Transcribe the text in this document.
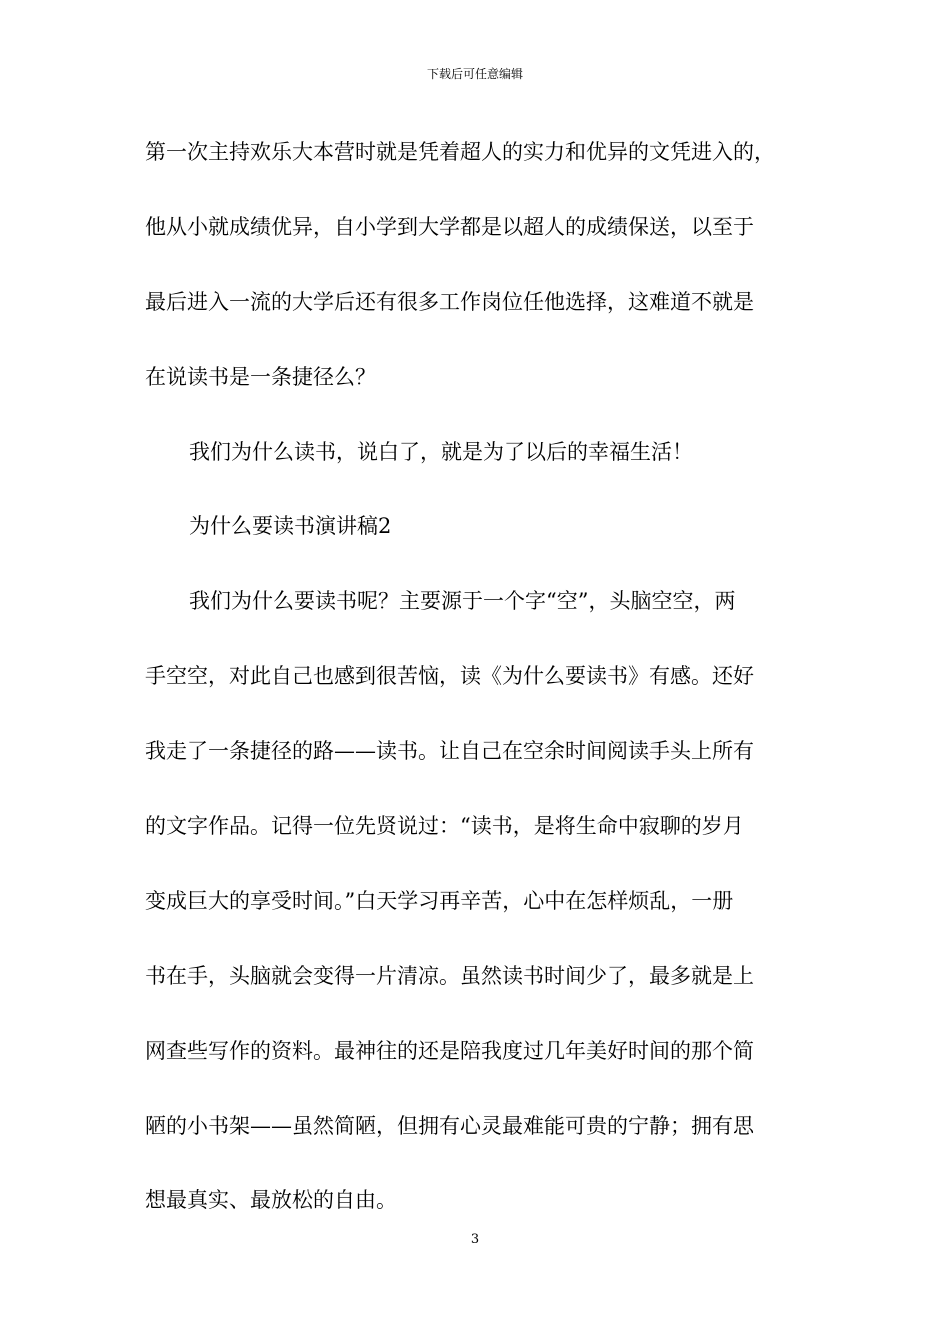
下载后可任意编辑
第一次主持欢乐大本营时就是凭着超人的实力和优异的文凭进入的，
他从小就成绩优异，自小学到大学都是以超人的成绩保送，以至于
最后进入一流的大学后还有很多工作岗位任他选择，这难道不就是
在说读书是一条捷径么？
我们为什么读书，说白了，就是为了以后的幸福生活！
为什么要读书演讲稿2
我们为什么要读书呢？主要源于一个字“空”，头脑空空，两
手空空，对此自己也感到很苦恼，读《为什么要读书》有感。还好
我走了一条捷径的路——读书。让自己在空余时间阅读手头上所有
的文字作品。记得一位先贤说过：“读书，是将生命中寂聊的岁月
变成巨大的享受时间。”白天学习再辛苦，心中在怎样烦乱，一册
书在手，头脑就会变得一片清凉。虽然读书时间少了，最多就是上
网查些写作的资料。最神往的还是陪我度过几年美好时间的那个简
陋的小书架——虽然简陋，但拥有心灵最难能可贵的宁静；拥有思
想最真实、最放松的自由。
3
